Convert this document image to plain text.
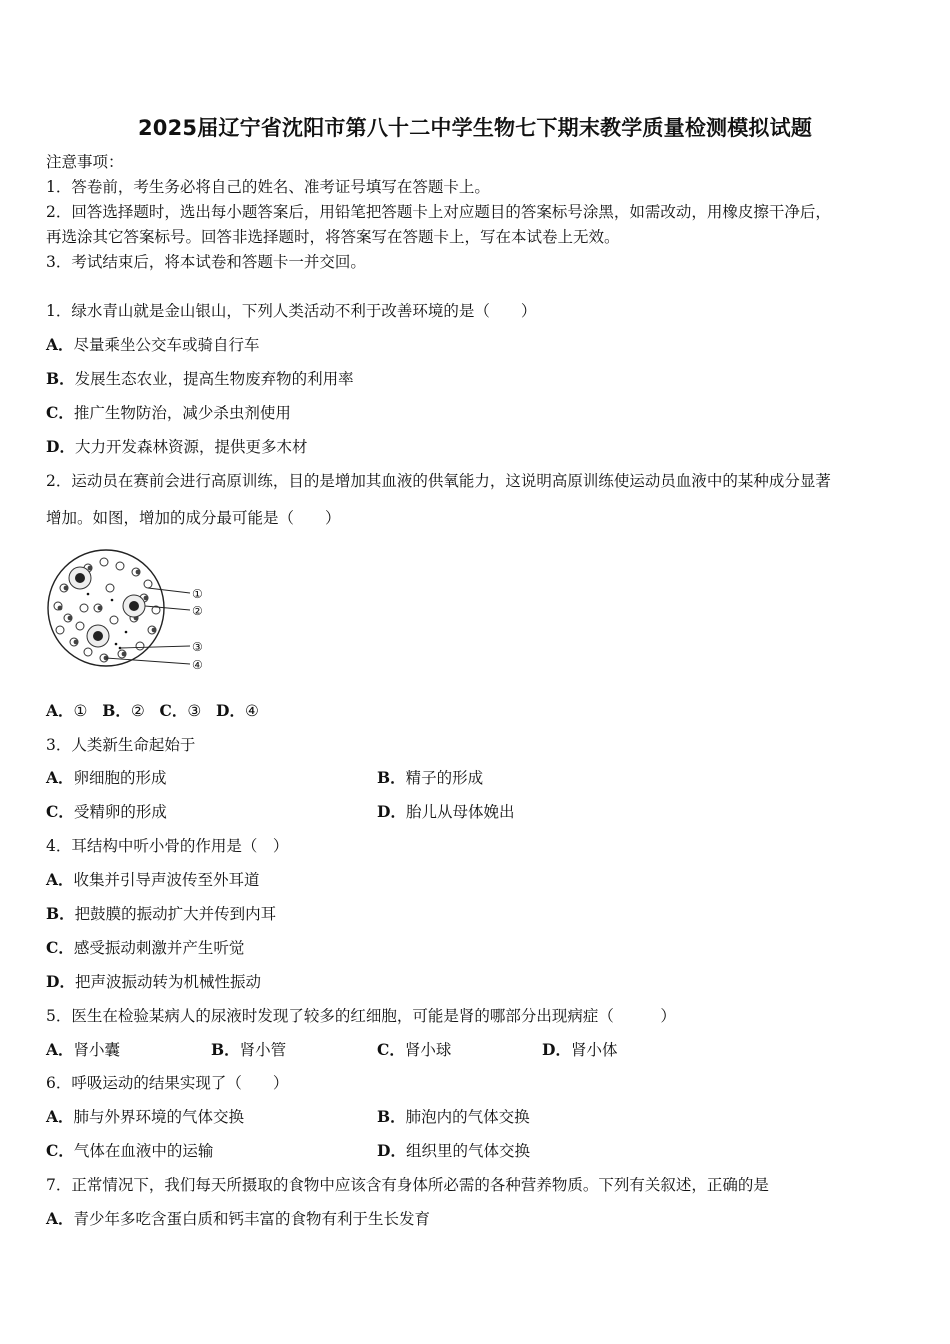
2025届辽宁省沈阳市第八十二中学生物七下期末教学质量检测模拟试题
注意事项：
1．答卷前，考生务必将自己的姓名、准考证号填写在答题卡上。
2．回答选择题时，选出每小题答案后，用铅笔把答题卡上对应题目的答案标号涂黑，如需改动，用橡皮擦干净后，
再选涂其它答案标号。回答非选择题时，将答案写在答题卡上，写在本试卷上无效。
3．考试结束后，将本试卷和答题卡一并交回。
1．绿水青山就是金山银山，下列人类活动不利于改善环境的是（　　）
A．尽量乘坐公交车或骑自行车
B．发展生态农业，提高生物废弃物的利用率
C．推广生物防治，减少杀虫剂使用
D．大力开发森林资源，提供更多木材
2．运动员在赛前会进行高原训练，目的是增加其血液的供氧能力，这说明高原训练使运动员血液中的某种成分显著
增加。如图，增加的成分最可能是（　　）
①
②
③
④
A．① B．② C．③ D．④
3．人类新生命起始于
A．卵细胞的形成	B．精子的形成
C．受精卵的形成	D．胎儿从母体娩出
4．耳结构中听小骨的作用是（　）
A．收集并引导声波传至外耳道
B．把鼓膜的振动扩大并传到内耳
C．感受振动刺激并产生听觉
D．把声波振动转为机械性振动
5．医生在检验某病人的尿液时发现了较多的红细胞，可能是肾的哪部分出现病症（　　　）
A．肾小囊	B．肾小管	C．肾小球	D．肾小体
6．呼吸运动的结果实现了（　　）
A．肺与外界环境的气体交换	B．肺泡内的气体交换
C．气体在血液中的运输	D．组织里的气体交换
7．正常情况下，我们每天所摄取的食物中应该含有身体所必需的各种营养物质。下列有关叙述，正确的是
A．青少年多吃含蛋白质和钙丰富的食物有利于生长发育
